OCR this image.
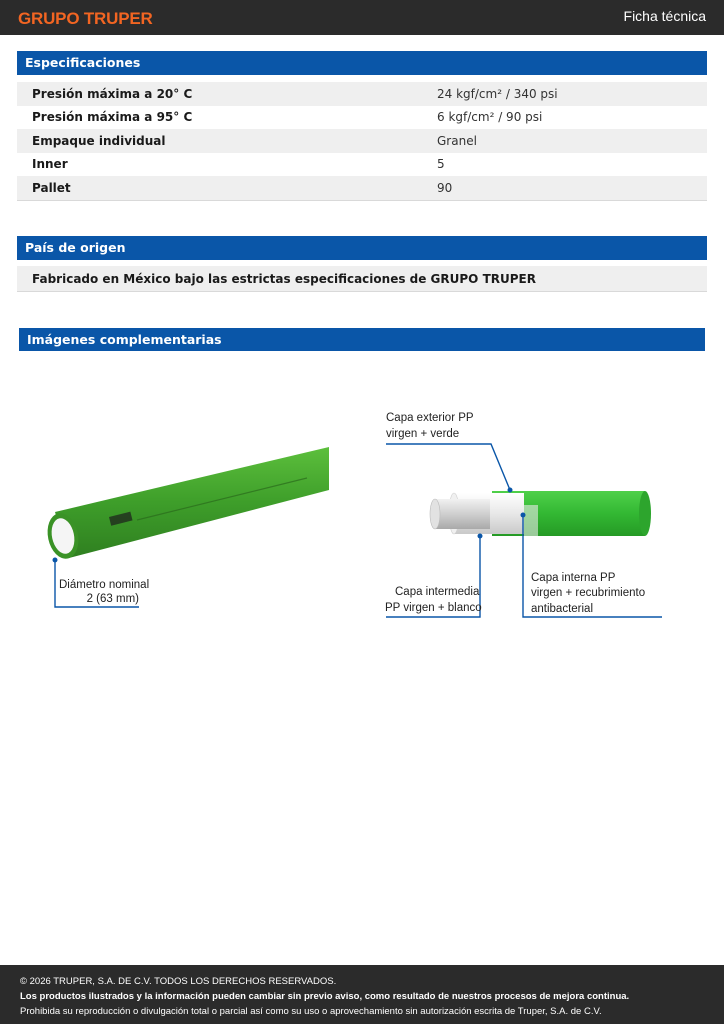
GRUPO TRUPER	Ficha técnica
Especificaciones
Presión máxima a 20° C	24 kgf/cm² / 340 psi
Presión máxima a 95° C	6 kgf/cm² / 90 psi
Empaque individual	Granel
Inner	5
Pallet	90
País de origen
Fabricado en México bajo las estrictas especificaciones de GRUPO TRUPER
Imágenes complementarias
Diámetro nominal
2 (63 mm)
Capa exterior PP
virgen + verde
Capa intermedia
PP virgen + blanco
Capa interna PP
virgen + recubrimiento
antibacterial
© 2026 TRUPER, S.A. DE C.V. TODOS LOS DERECHOS RESERVADOS.
Los productos ilustrados y la información pueden cambiar sin previo aviso, como resultado de nuestros procesos de mejora continua.
Prohibida su reproducción o divulgación total o parcial así como su uso o aprovechamiento sin autorización escrita de Truper, S.A. de C.V.
